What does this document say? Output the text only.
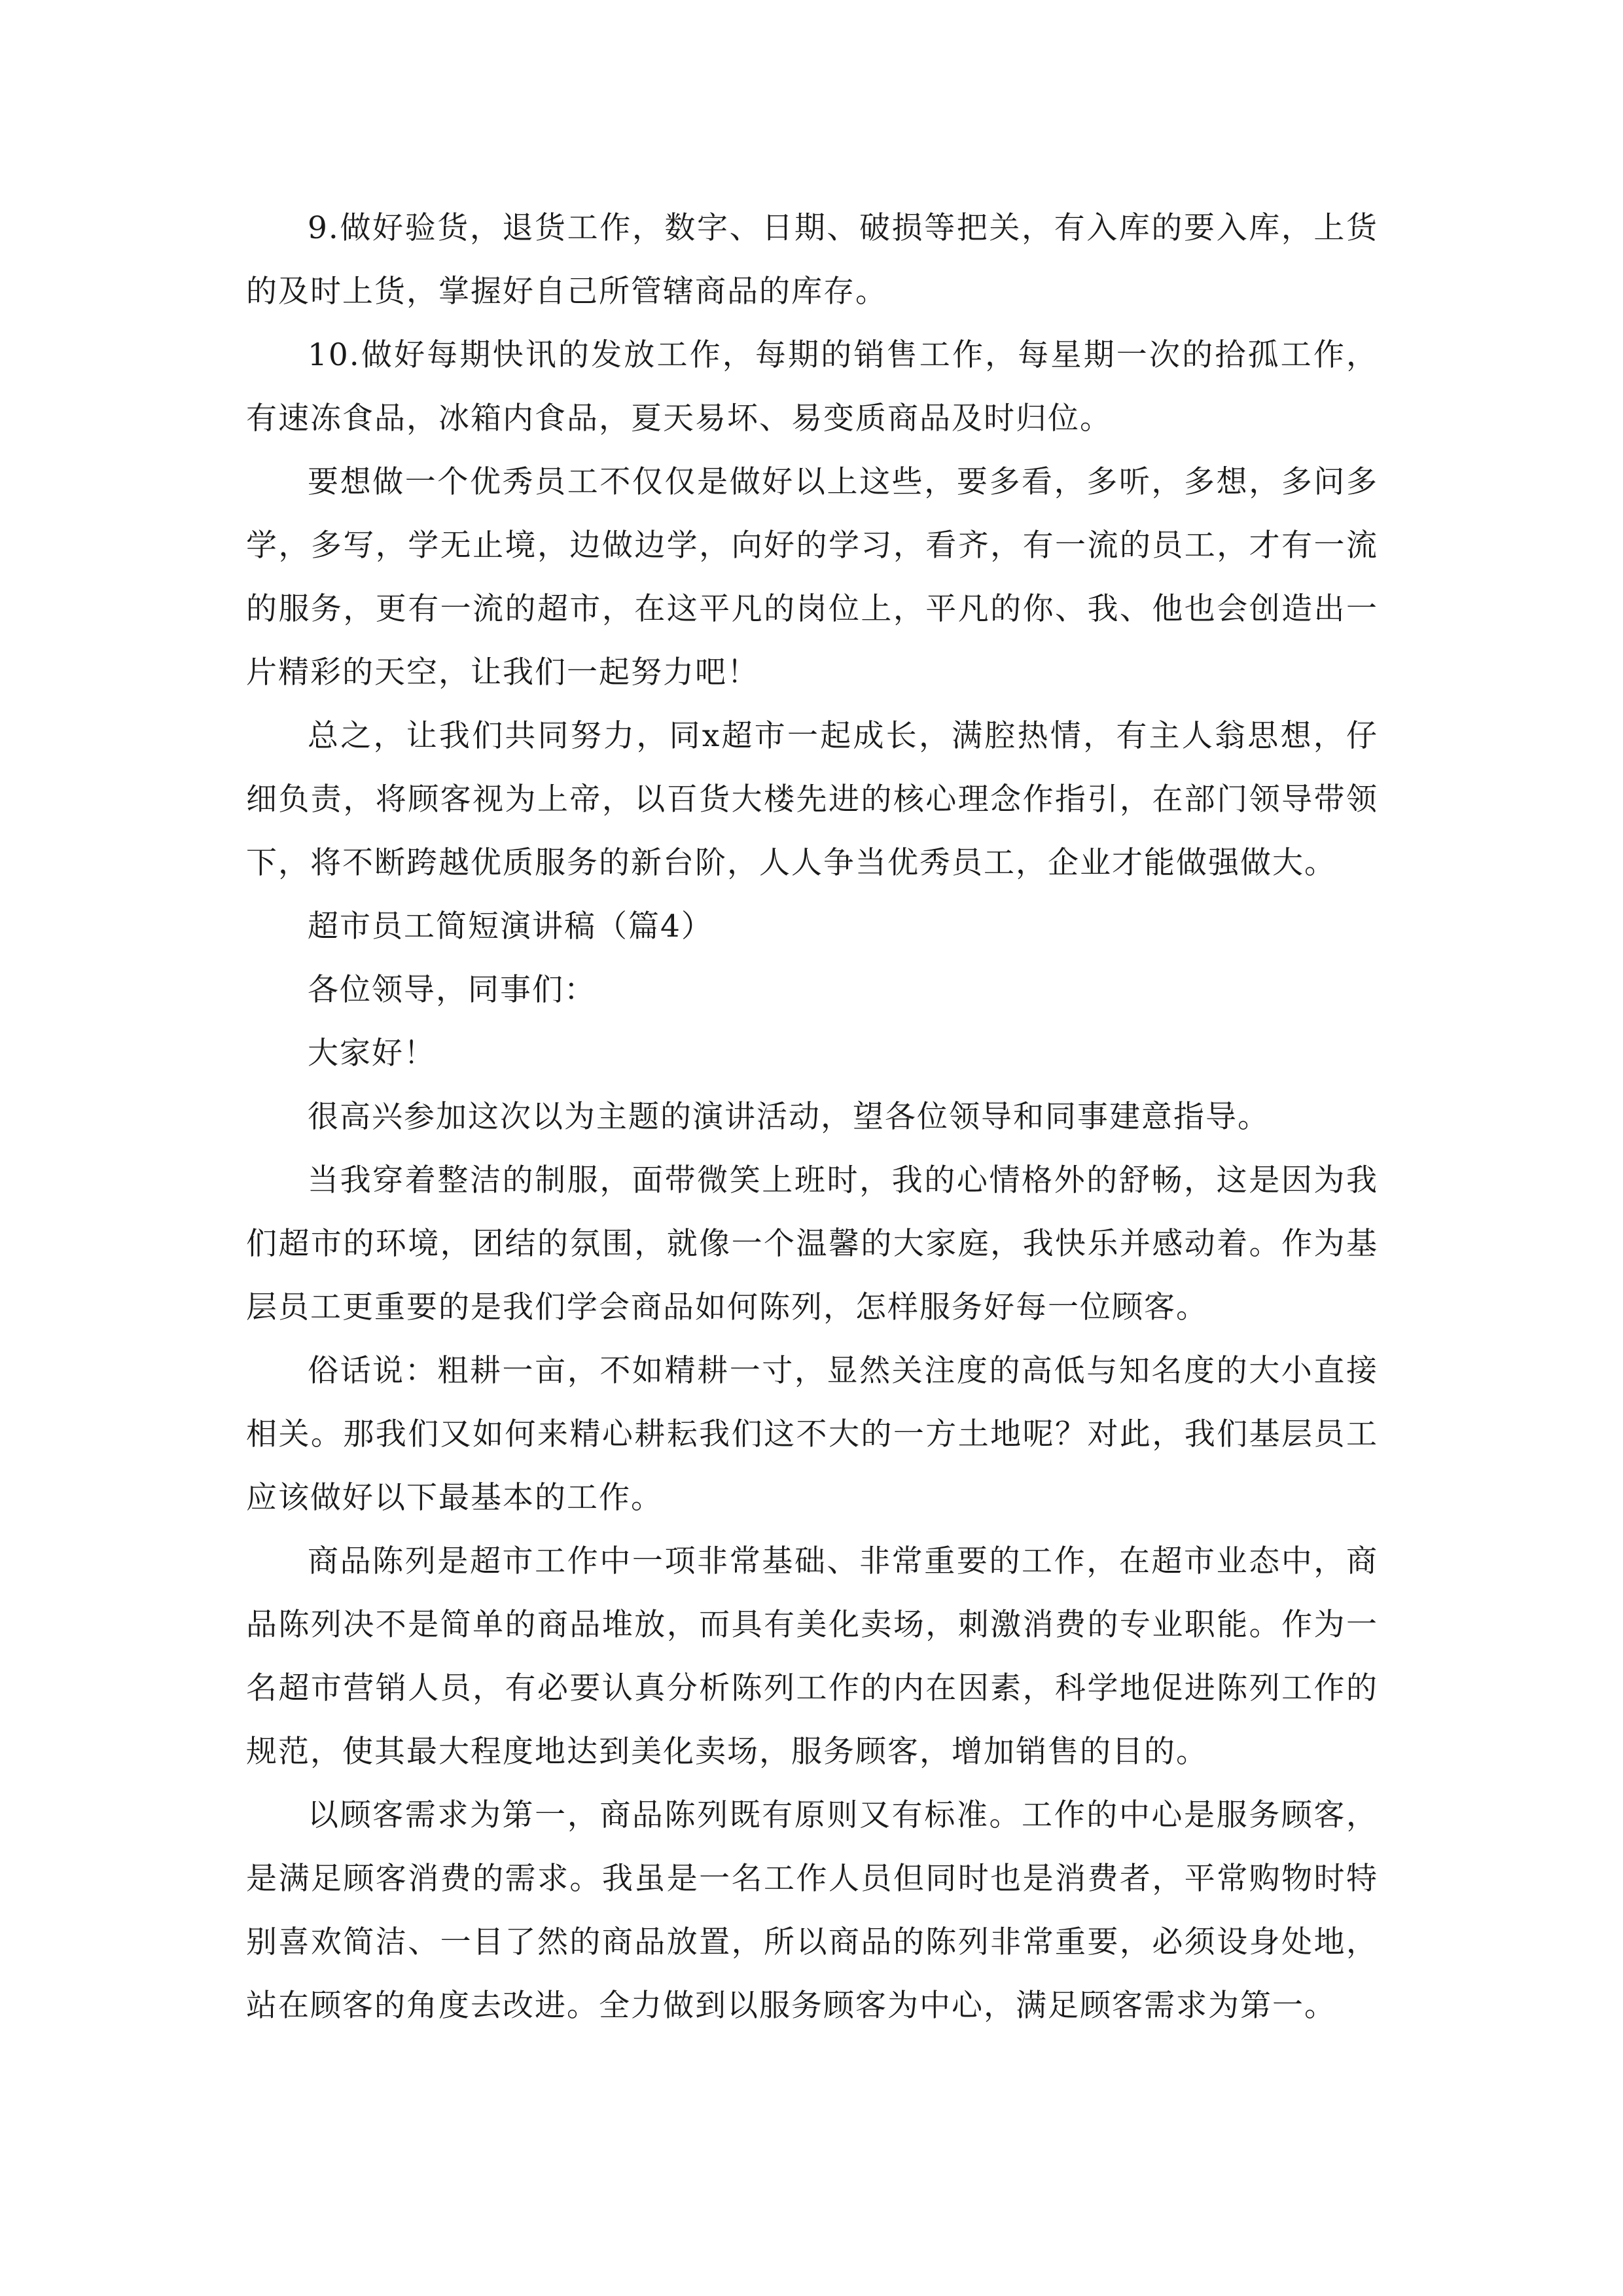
9.做好验货，退货工作，数字、日期、破损等把关，有入库的要入库，上货的及时上货，掌握好自己所管辖商品的库存。

10.做好每期快讯的发放工作，每期的销售工作，每星期一次的拾孤工作，有速冻食品，冰箱内食品，夏天易坏、易变质商品及时归位。

要想做一个优秀员工不仅仅是做好以上这些，要多看，多听，多想，多问多学，多写，学无止境，边做边学，向好的学习，看齐，有一流的员工，才有一流的服务，更有一流的超市，在这平凡的岗位上，平凡的你、我、他也会创造出一片精彩的天空，让我们一起努力吧！

总之，让我们共同努力，同x超市一起成长，满腔热情，有主人翁思想，仔细负责，将顾客视为上帝，以百货大楼先进的核心理念作指引，在部门领导带领下，将不断跨越优质服务的新台阶，人人争当优秀员工，企业才能做强做大。

超市员工简短演讲稿（篇4）

各位领导，同事们：

大家好！

很高兴参加这次以为主题的演讲活动，望各位领导和同事建意指导。

当我穿着整洁的制服，面带微笑上班时，我的心情格外的舒畅，这是因为我们超市的环境，团结的氛围，就像一个温馨的大家庭，我快乐并感动着。作为基层员工更重要的是我们学会商品如何陈列，怎样服务好每一位顾客。

俗话说：粗耕一亩，不如精耕一寸，显然关注度的高低与知名度的大小直接相关。那我们又如何来精心耕耘我们这不大的一方土地呢？对此，我们基层员工应该做好以下最基本的工作。

商品陈列是超市工作中一项非常基础、非常重要的工作，在超市业态中，商品陈列决不是简单的商品堆放，而具有美化卖场，刺激消费的专业职能。作为一名超市营销人员，有必要认真分析陈列工作的内在因素，科学地促进陈列工作的规范，使其最大程度地达到美化卖场，服务顾客，增加销售的目的。

以顾客需求为第一，商品陈列既有原则又有标准。工作的中心是服务顾客，是满足顾客消费的需求。我虽是一名工作人员但同时也是消费者，平常购物时特别喜欢简洁、一目了然的商品放置，所以商品的陈列非常重要，必须设身处地，站在顾客的角度去改进。全力做到以服务顾客为中心，满足顾客需求为第一。
